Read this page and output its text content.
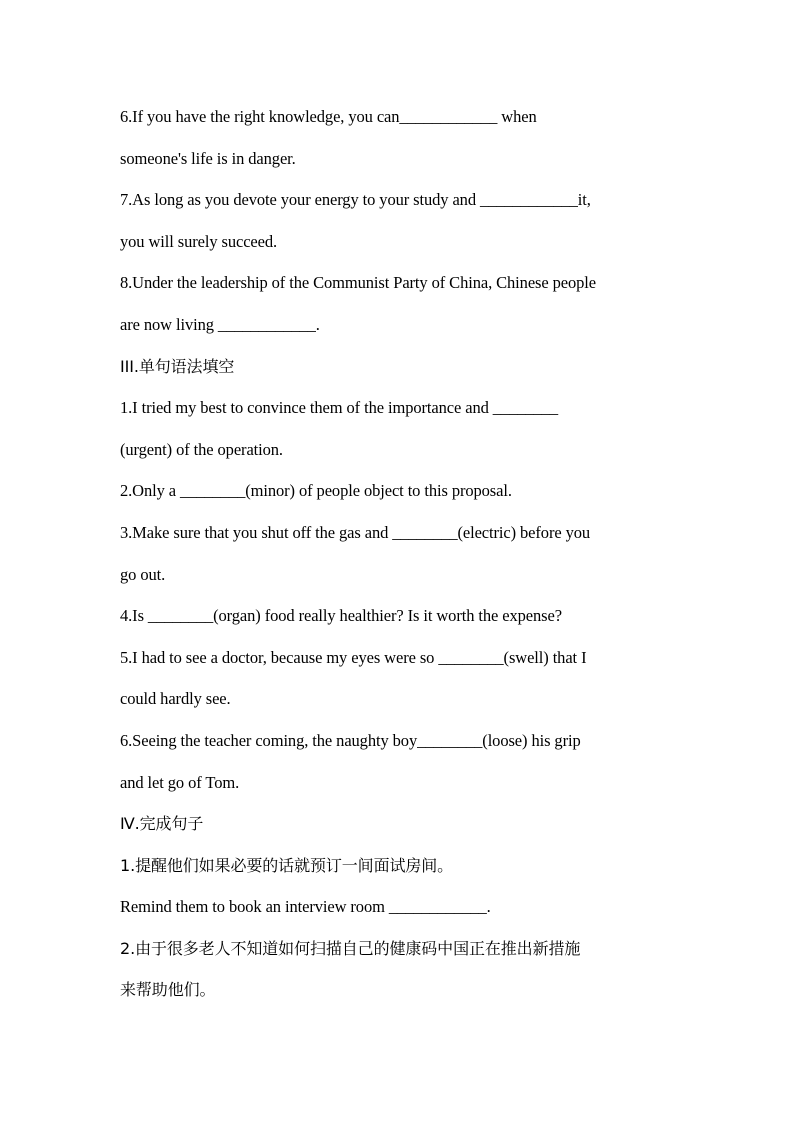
6.If you have the right knowledge, you can____________ when
someone's life is in danger.
7.As long as you devote your energy to your study and ____________it,
you will surely succeed.
8.Under the leadership of the Communist Party of China, Chinese people
are now living ____________.
III.单句语法填空
1.I tried my best to convince them of the importance and ________
(urgent) of the operation.
2.Only a ________(minor) of people object to this proposal.
3.Make sure that you shut off the gas and ________(electric) before you
go out.
4.Is ________(organ) food really healthier? Is it worth the expense?
5.I had to see a doctor, because my eyes were so ________(swell) that I
could hardly see.
6.Seeing the teacher coming, the naughty boy________(loose) his grip
and let go of Tom.
Ⅳ.完成句子
1.提醒他们如果必要的话就预订一间面试房间。
Remind them to book an interview room ____________.
2.由于很多老人不知道如何扫描自己的健康码中国正在推出新措施
来帮助他们。
